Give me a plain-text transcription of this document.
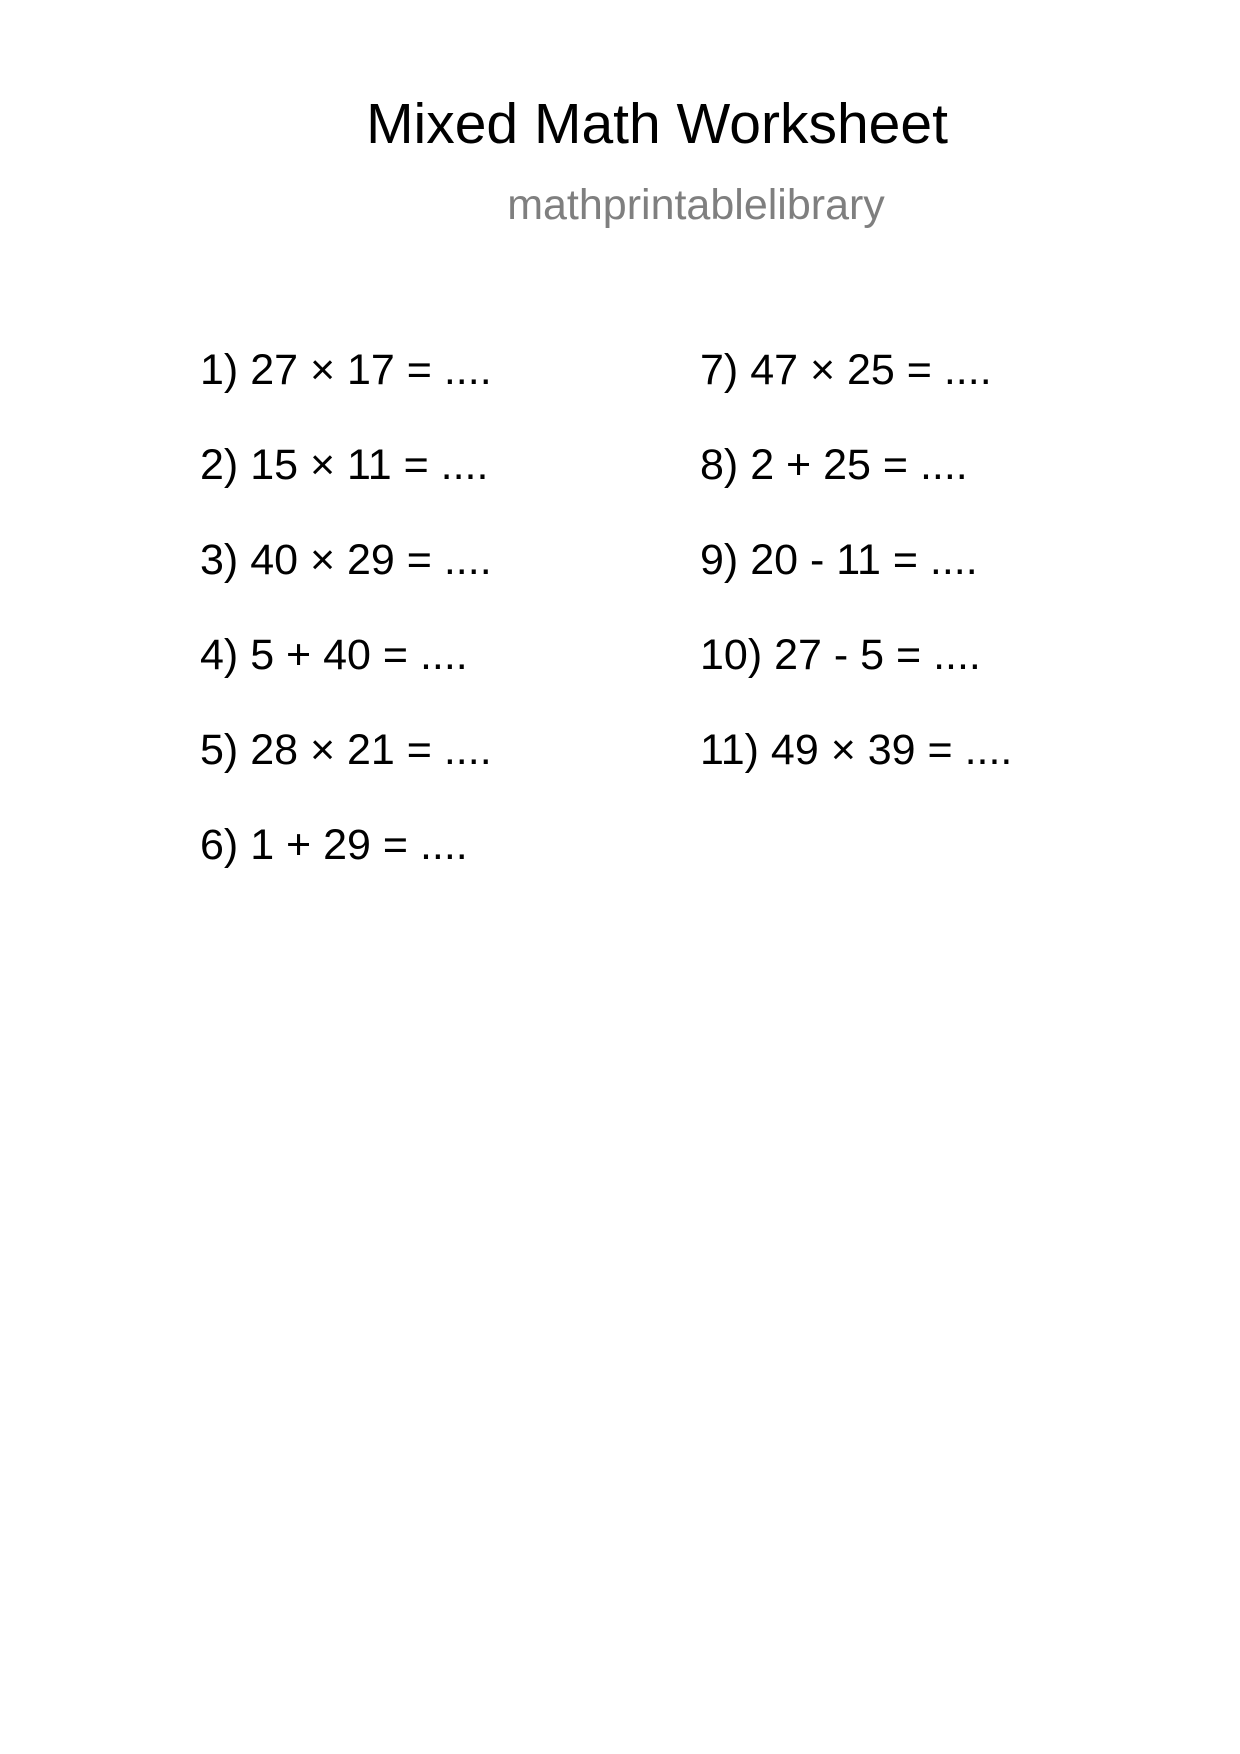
Mixed Math Worksheet
mathprintablelibrary
1) 27 × 17 = ....
2) 15 × 11 = ....
3) 40 × 29 = ....
4) 5 + 40 = ....
5) 28 × 21 = ....
6) 1 + 29 = ....
7) 47 × 25 = ....
8) 2 + 25 = ....
9) 20 - 11 = ....
10) 27 - 5 = ....
11) 49 × 39 = ....
